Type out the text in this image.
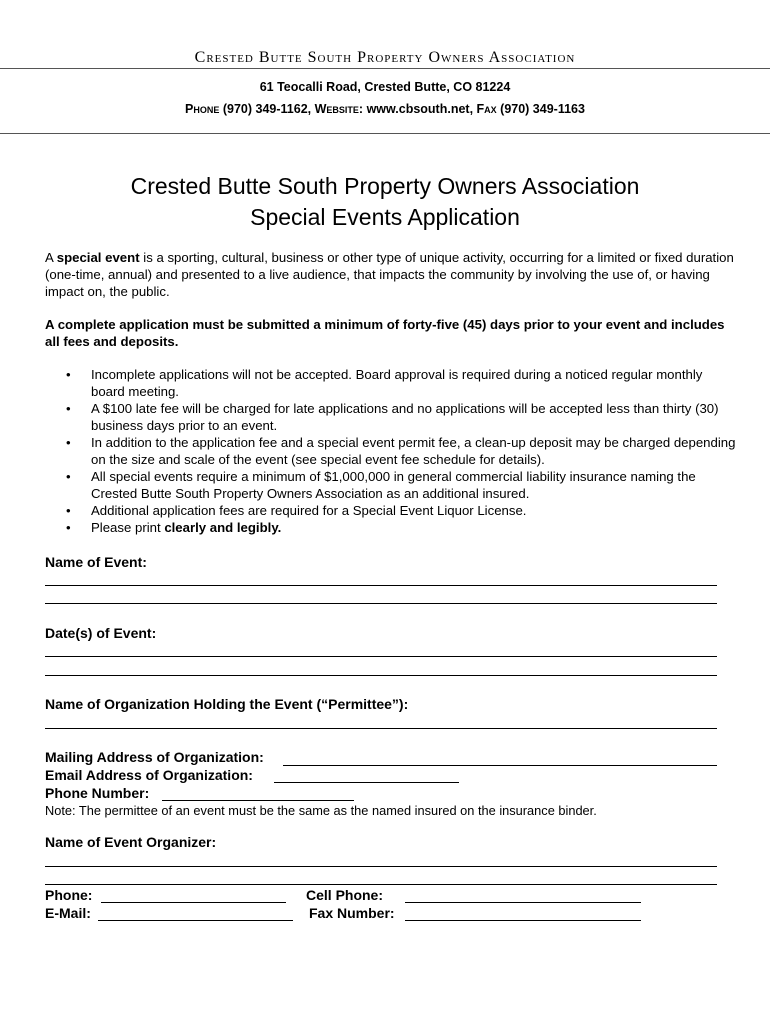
Crested Butte South Property Owners Association
61 Teocalli Road, Crested Butte, CO 81224
Phone (970) 349-1162, Website: www.cbsouth.net, Fax (970) 349-1163
Crested Butte South Property Owners Association
Special Events Application
A special event is a sporting, cultural, business or other type of unique activity, occurring for a limited or fixed duration (one-time, annual) and presented to a live audience, that impacts the community by involving the use of, or having impact on, the public.
A complete application must be submitted a minimum of forty-five (45) days prior to your event and includes all fees and deposits.
• Incomplete applications will not be accepted. Board approval is required during a noticed regular monthly board meeting.
• A $100 late fee will be charged for late applications and no applications will be accepted less than thirty (30) business days prior to an event.
• In addition to the application fee and a special event permit fee, a clean-up deposit may be charged depending on the size and scale of the event (see special event fee schedule for details).
• All special events require a minimum of $1,000,000 in general commercial liability insurance naming the Crested Butte South Property Owners Association as an additional insured.
• Additional application fees are required for a Special Event Liquor License.
• Please print clearly and legibly.
Name of Event:
Date(s) of Event:
Name of Organization Holding the Event (“Permittee”):
Mailing Address of Organization:
Email Address of Organization:
Phone Number:
Note: The permittee of an event must be the same as the named insured on the insurance binder.
Name of Event Organizer:
Phone:	Cell Phone:
E-Mail:	Fax Number:
